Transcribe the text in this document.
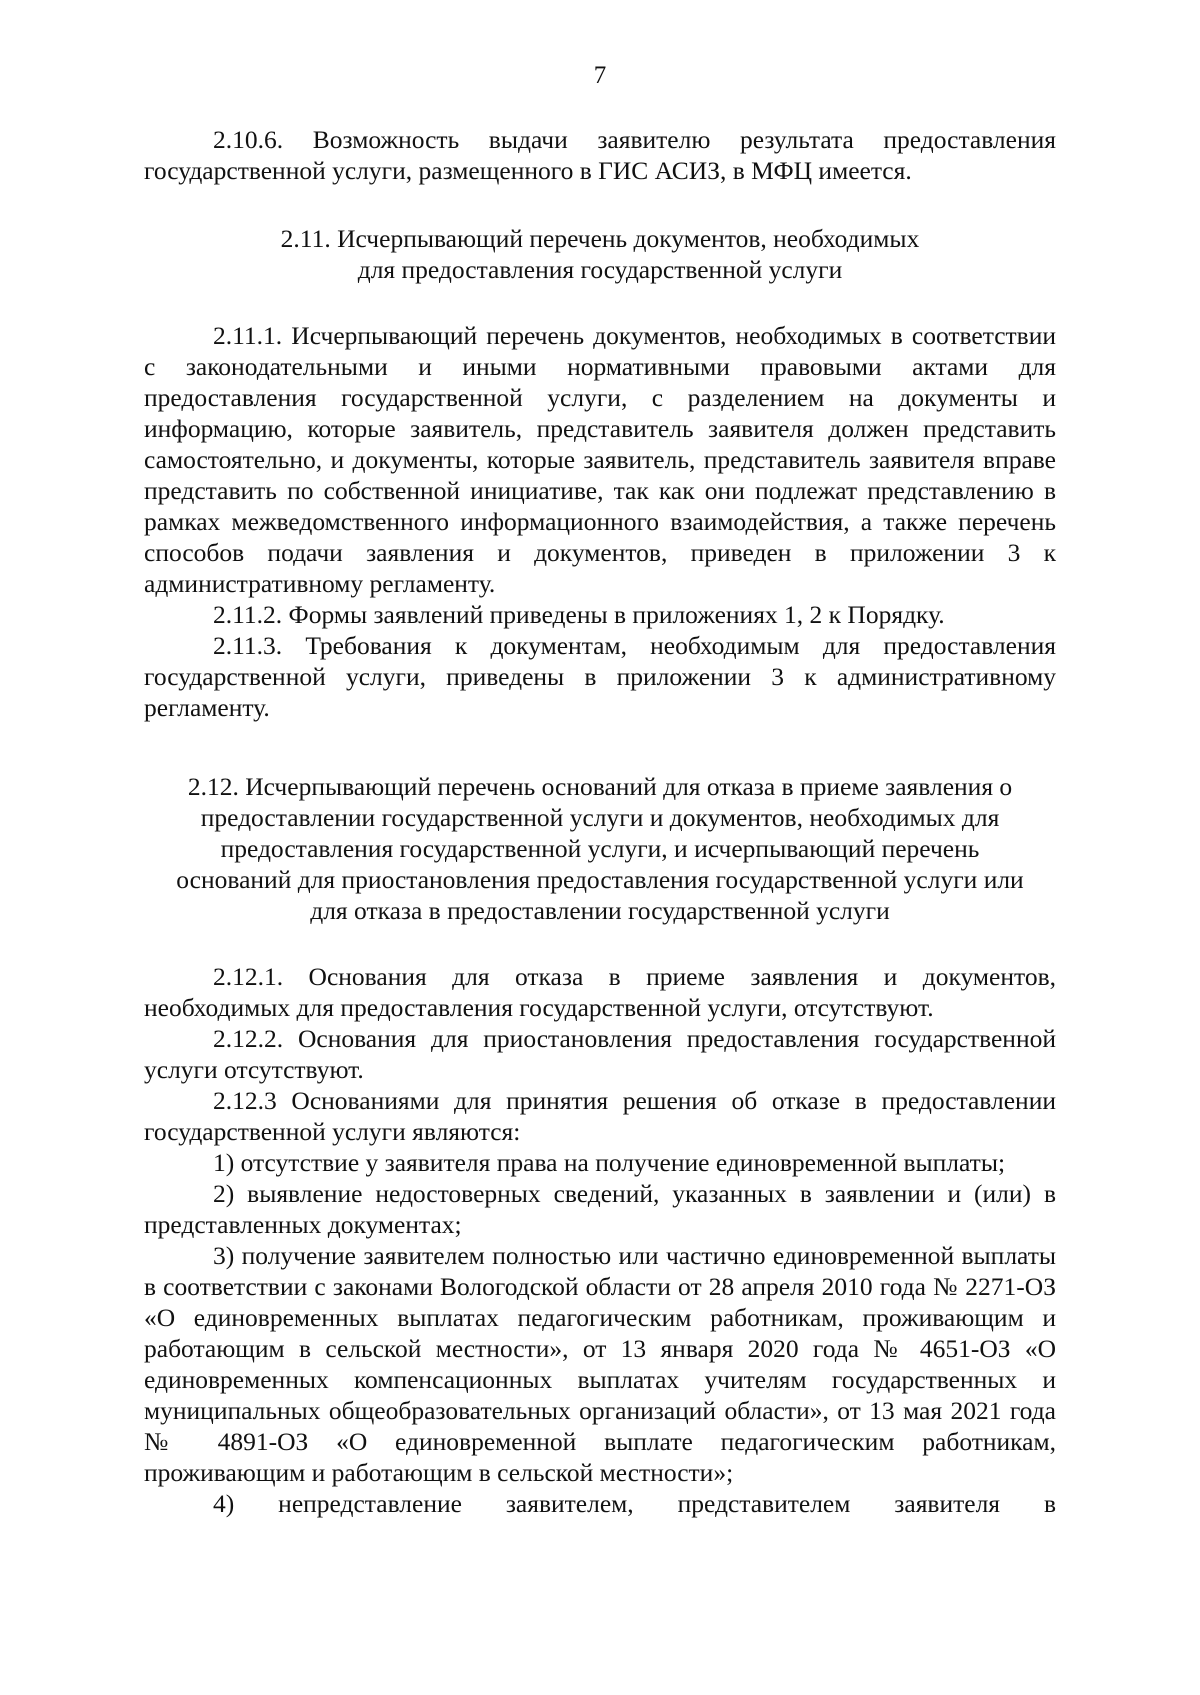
7

2.10.6. Возможность выдачи заявителю результата предоставления государственной услуги, размещенного в ГИС АСИЗ, в МФЦ имеется.

2.11. Исчерпывающий перечень документов, необходимых
для предоставления государственной услуги

2.11.1. Исчерпывающий перечень документов, необходимых в соответствии с законодательными и иными нормативными правовыми актами для предоставления государственной услуги, с разделением на документы и информацию, которые заявитель, представитель заявителя должен представить самостоятельно, и документы, которые заявитель, представитель заявителя вправе представить по собственной инициативе, так как они подлежат представлению в рамках межведомственного информационного взаимодействия, а также перечень способов подачи заявления и документов, приведен в приложении 3 к административному регламенту.

2.11.2. Формы заявлений приведены в приложениях 1, 2 к Порядку.

2.11.3. Требования к документам, необходимым для предоставления государственной услуги, приведены в приложении 3 к административному регламенту.

2.12. Исчерпывающий перечень оснований для отказа в приеме заявления о
предоставлении государственной услуги и документов, необходимых для
предоставления государственной услуги, и исчерпывающий перечень
оснований для приостановления предоставления государственной услуги или
для отказа в предоставлении государственной услуги

2.12.1. Основания для отказа в приеме заявления и документов, необходимых для предоставления государственной услуги, отсутствуют.

2.12.2. Основания для приостановления предоставления государственной услуги отсутствуют.

2.12.3 Основаниями для принятия решения об отказе в предоставлении государственной услуги являются:

1) отсутствие у заявителя права на получение единовременной выплаты;

2) выявление недостоверных сведений, указанных в заявлении и (или) в представленных документах;

3) получение заявителем полностью или частично единовременной выплаты в соответствии с законами Вологодской области от 28 апреля 2010 года № 2271-ОЗ «О единовременных выплатах педагогическим работникам, проживающим и работающим в сельской местности», от 13 января 2020 года № 4651-ОЗ «О единовременных компенсационных выплатах учителям государственных и муниципальных общеобразовательных организаций области», от 13 мая 2021 года № 4891-ОЗ «О единовременной выплате педагогическим работникам, проживающим и работающим в сельской местности»;

4) непредставление заявителем, представителем заявителя в
